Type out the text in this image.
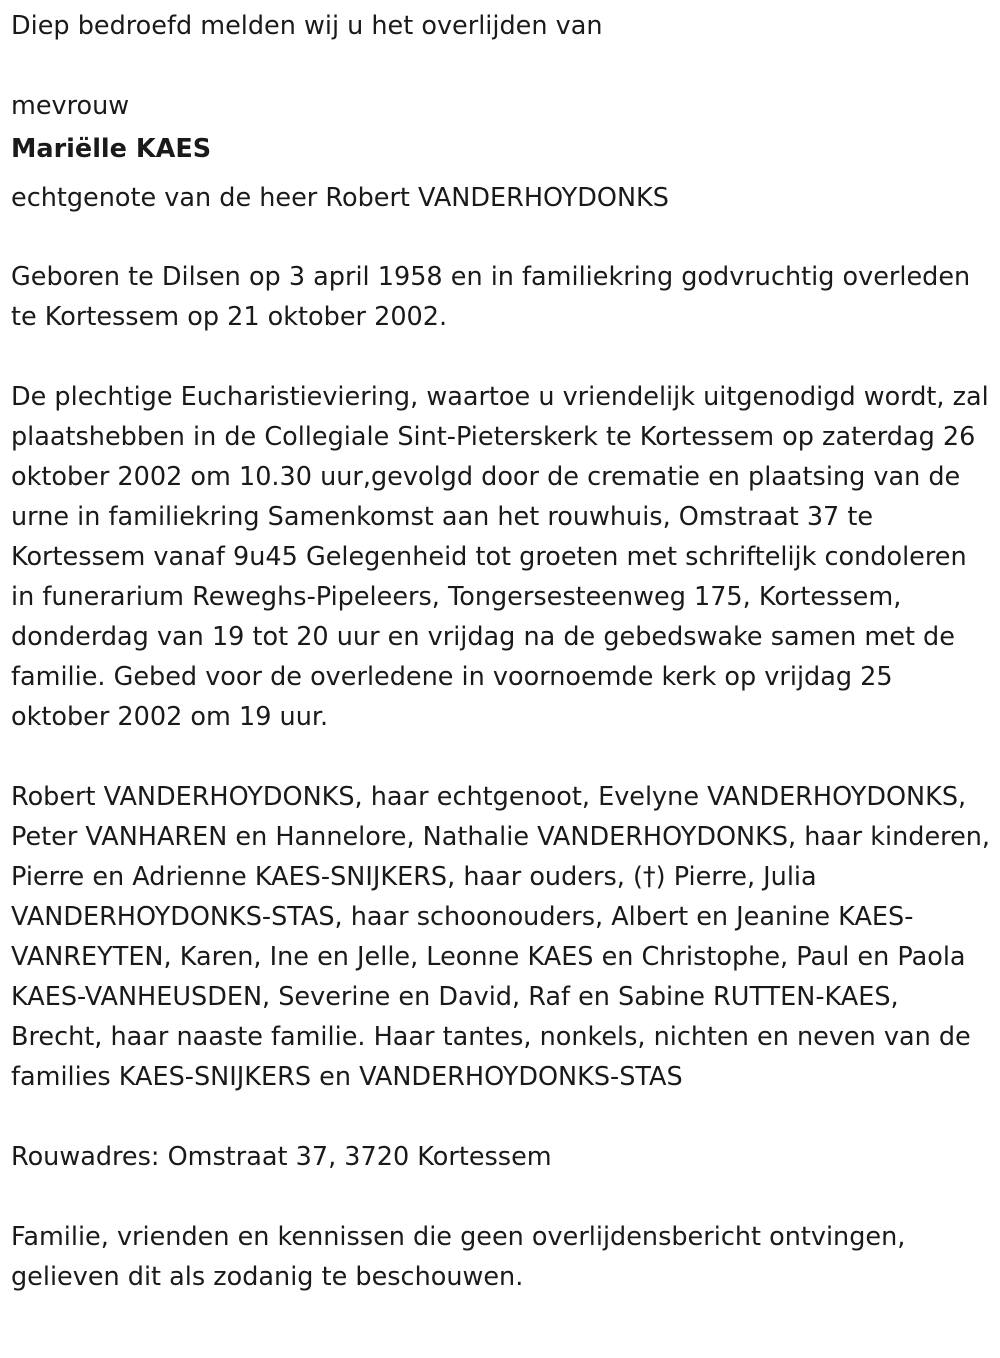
Diep bedroefd melden wij u het overlijden van

mevrouw

Mariëlle KAES

echtgenote van de heer Robert VANDERHOYDONKS

Geboren te Dilsen op 3 april 1958 en in familiekring godvruchtig overleden te Kortessem op 21 oktober 2002.

De plechtige Eucharistieviering, waartoe u vriendelijk uitgenodigd wordt, zal plaatshebben in de Collegiale Sint-Pieterskerk te Kortessem op zaterdag 26 oktober 2002 om 10.30 uur,gevolgd door de crematie en plaatsing van de urne in familiekring Samenkomst aan het rouwhuis, Omstraat 37 te Kortessem vanaf 9u45 Gelegenheid tot groeten met schriftelijk condoleren in funerarium Reweghs-Pipeleers, Tongersesteenweg 175, Kortessem, donderdag van 19 tot 20 uur en vrijdag na de gebedswake samen met de familie. Gebed voor de overledene in voornoemde kerk op vrijdag 25 oktober 2002 om 19 uur.

Robert VANDERHOYDONKS, haar echtgenoot, Evelyne VANDERHOYDONKS, Peter VANHAREN en Hannelore, Nathalie VANDERHOYDONKS, haar kinderen, Pierre en Adrienne KAES-SNIJKERS, haar ouders, (†) Pierre, Julia VANDERHOYDONKS-STAS, haar schoonouders, Albert en Jeanine KAES-VANREYTEN, Karen, Ine en Jelle, Leonne KAES en Christophe, Paul en Paola KAES-VANHEUSDEN, Severine en David, Raf en Sabine RUTTEN-KAES, Brecht, haar naaste familie. Haar tantes, nonkels, nichten en neven van de families KAES-SNIJKERS en VANDERHOYDONKS-STAS

Rouwadres: Omstraat 37, 3720 Kortessem

Familie, vrienden en kennissen die geen overlijdensbericht ontvingen, gelieven dit als zodanig te beschouwen.
